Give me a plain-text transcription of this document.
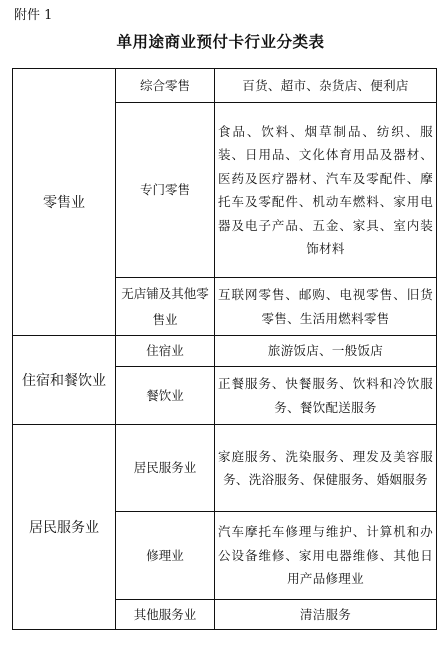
附件 1
单用途商业预付卡行业分类表
零售业	综合零售	百货、超市、杂货店、便利店
	专门零售	食品、饮料、烟草制品、纺织、服装、日用品、文化体育用品及器材、医药及医疗器材、汽车及零配件、摩托车及零配件、机动车燃料、家用电器及电子产品、五金、家具、室内装饰材料
	无店铺及其他零售业	互联网零售、邮购、电视零售、旧货零售、生活用燃料零售
住宿和餐饮业	住宿业	旅游饭店、一般饭店
	餐饮业	正餐服务、快餐服务、饮料和冷饮服务、餐饮配送服务
居民服务业	居民服务业	家庭服务、洗染服务、理发及美容服务、洗浴服务、保健服务、婚姻服务
	修理业	汽车摩托车修理与维护、计算机和办公设备维修、家用电器维修、其他日用产品修理业
	其他服务业	清洁服务
